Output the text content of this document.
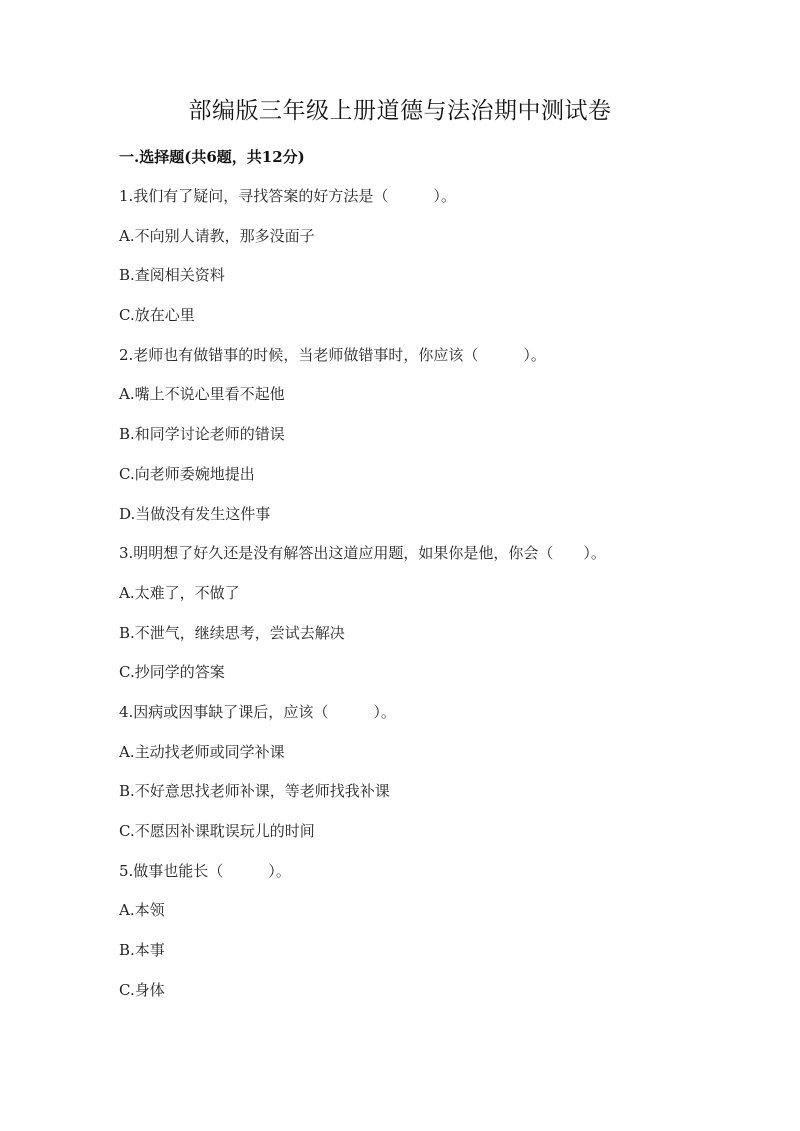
部编版三年级上册道德与法治期中测试卷
一.选择题(共6题，共12分)
1.我们有了疑问，寻找答案的好方法是（　　　）。
A.不向别人请教，那多没面子
B.查阅相关资料
C.放在心里
2.老师也有做错事的时候，当老师做错事时，你应该（　　　）。
A.嘴上不说心里看不起他
B.和同学讨论老师的错误
C.向老师委婉地提出
D.当做没有发生这件事
3.明明想了好久还是没有解答出这道应用题，如果你是他，你会（　　）。
A.太难了，不做了
B.不泄气，继续思考，尝试去解决
C.抄同学的答案
4.因病或因事缺了课后，应该（　　　）。
A.主动找老师或同学补课
B.不好意思找老师补课，等老师找我补课
C.不愿因补课耽误玩儿的时间
5.做事也能长（　　　）。
A.本领
B.本事
C.身体
